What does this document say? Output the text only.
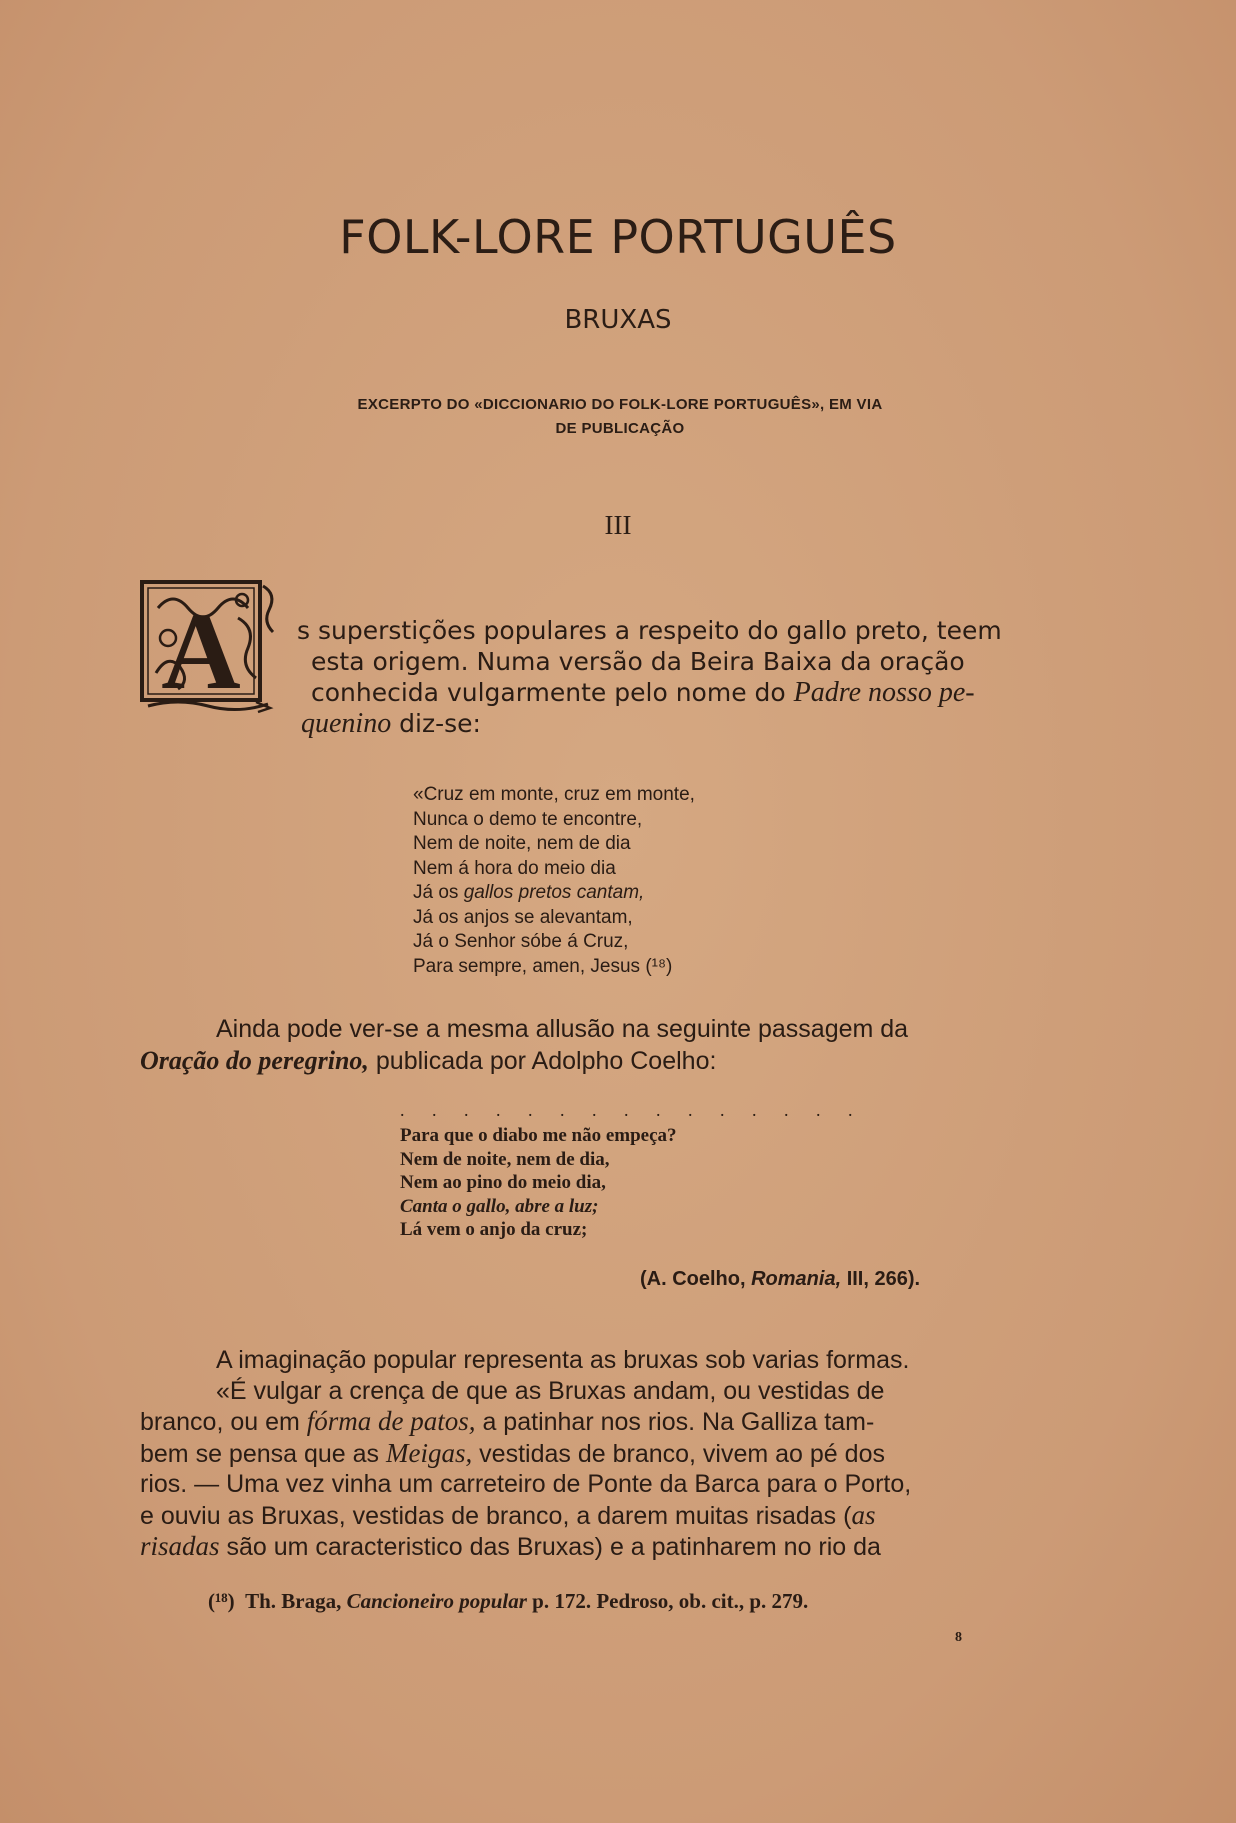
FOLK-LORE PORTUGUÊS
BRUXAS
EXCERPTO DO «DICCIONARIO DO FOLK-LORE PORTUGUÊS», EM VIA
DE PUBLICAÇÃO
III
A s superstições populares a respeito do gallo preto, teem
esta origem. Numa versão da Beira Baixa da oração
conhecida vulgarmente pelo nome do Padre nosso pe-
quenino diz-se:
«Cruz em monte, cruz em monte,
Nunca o demo te encontre,
Nem de noite, nem de dia
Nem á hora do meio dia
Já os gallos pretos cantam,
Já os anjos se alevantam,
Já o Senhor sóbe á Cruz,
Para sempre, amen, Jesus (¹⁸)
Ainda pode ver-se a mesma allusão na seguinte passagem da
Oração do peregrino, publicada por Adolpho Coelho:
. . . . . . . . . . . . . . .
Para que o diabo me não empeça?
Nem de noite, nem de dia,
Nem ao pino do meio dia,
Canta o gallo, abre a luz;
Lá vem o anjo da cruz;
(A. Coelho, Romania, III, 266).
A imaginação popular representa as bruxas sob varias formas.
«É vulgar a crença de que as Bruxas andam, ou vestidas de
branco, ou em fórma de patos, a patinhar nos rios. Na Galliza tam-
bem se pensa que as Meigas, vestidas de branco, vivem ao pé dos
rios. — Uma vez vinha um carreteiro de Ponte da Barca para o Porto,
e ouviu as Bruxas, vestidas de branco, a darem muitas risadas (as
risadas são um caracteristico das Bruxas) e a patinharem no rio da
(¹⁸) Th. Braga, Cancioneiro popular p. 172. Pedroso, ob. cit., p. 279.
8
